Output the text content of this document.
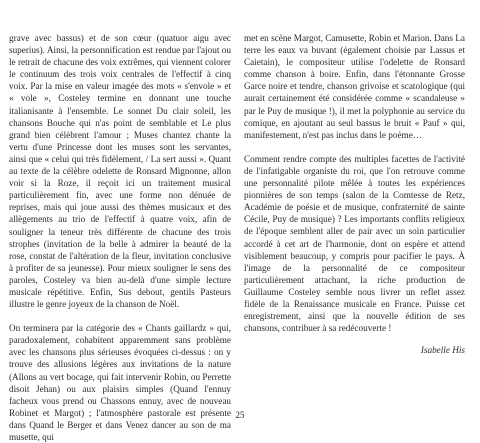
grave avec bassus) et de son cœur (quatuor aigu avec superius). Ainsi, la personnification est rendue par l'ajout ou le retrait de chacune des voix extrêmes, qui viennent colorer le continuum des trois voix centrales de l'effectif à cinq voix. Par la mise en valeur imagée des mots « s'envole » et « vole », Costeley termine en donnant une touche italianisante à l'ensemble. Le sonnet Du clair soleil, les chansons Bouche qui n'as point de semblable et Le plus grand bien célèbrent l'amour ; Muses chantez chante la vertu d'une Princesse dont les muses sont les servantes, ainsi que « celui qui très fidèlement, / La sert aussi ». Quant au texte de la célèbre odelette de Ronsard Mignonne, allon voir si la Roze, il reçoit ici un traitement musical particulièrement fin, avec une forme non dénuée de reprises, mais qui joue aussi des thèmes musicaux et des allègements au trio de l'effectif à quatre voix, afin de souligner la teneur très différente de chacune des trois strophes (invitation de la belle à admirer la beauté de la rose, constat de l'altération de la fleur, invitation conclusive à profiter de sa jeunesse). Pour mieux souligner le sens des paroles, Costeley va bien au-delà d'une simple lecture musicale répétitive. Enfin, Sus debout, gentils Pasteurs illustre le genre joyeux de la chanson de Noël.

On terminera par la catégorie des « Chants gaillardz » qui, paradoxalement, cohabitent apparemment sans problème avec les chansons plus sérieuses évoquées ci-dessus : on y trouve des allusions légères aux invitations de la nature (Allons au vert bocage, qui fait intervenir Robin, ou Perrette disoit Jehan) ou aux plaisirs simples (Quand l'ennuy facheux vous prend ou Chassons ennuy, avec de nouveau Robinet et Margot) ; l'atmosphère pastorale est présente dans Quand le Berger et dans Venez dancer au son de ma musette, qui

met en scène Margot, Camusette, Robin et Marion. Dans La terre les eaux va buvant (également choisie par Lassus et Caietain), le compositeur utilise l'odelette de Ronsard comme chanson à boire. Enfin, dans l'étonnante Grosse Garce noire et tendre, chanson grivoise et scatologique (qui aurait certainement été considérée comme « scandaleuse » par le Puy de musique !), il met la polyphonie au service du comique, en ajoutant au seul bassus le bruit « Pauf » qui, manifestement, n'est pas inclus dans le poème…

Comment rendre compte des multiples facettes de l'activité de l'infatigable organiste du roi, que l'on retrouve comme une personnalité pilote mêlée à toutes les expériences pionnières de son temps (salon de la Comtesse de Retz, Académie de poésie et de musique, confraternité de sainte Cécile, Puy de musique) ? Les importants conflits religieux de l'époque semblent aller de pair avec un soin particulier accordé à cet art de l'harmonie, dont on espère et attend visiblement beaucoup, y compris pour pacifier le pays. À l'image de la personnalité de ce compositeur particulièrement attachant, la riche production de Guillaume Costeley semble nous livrer un reflet assez fidèle de la Renaissance musicale en France. Puisse cet enregistrement, ainsi que la nouvelle édition de ses chansons, contribuer à sa redécouverte !

Isabelle His

25
